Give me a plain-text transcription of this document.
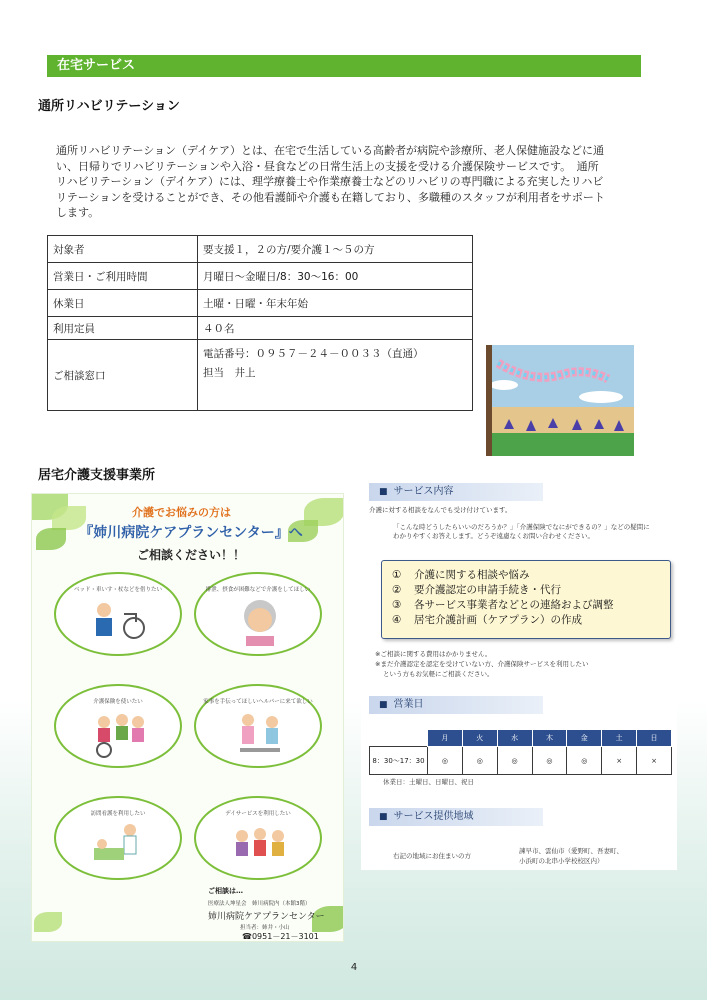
在宅サービス
通所リハビリテーション
通所リハビリテーション（デイケア）とは、在宅で生活している高齢者が病院や診療所、老人保健施設などに通
い、日帰りでリハビリテーションや入浴・昼食などの日常生活上の支援を受ける介護保険サービスです。　通所
リハビリテーション（デイケア）には、理学療養士や作業療養士などのリハビリの専門職による充実したリハビ
リテーションを受けることができ、その他看護師や介護も在籍しており、多職種のスタッフが利用者をサポート
します。
対象者	要支援１，２の方/要介護１～５の方
営業日・ご利用時間	月曜日～金曜日/8：30～16：00
休業日	土曜・日曜・年末年始
利用定員	４０名
ご相談窓口	電話番号：０９５７－２４－００３３（直通）
担当　井上
居宅介護支援事業所
介護でお悩みの方は
『姉川病院ケアプランセンター』へ
ご相談ください！！
ベッド・車いす・杖などを借りたい	排泄、摂食が困難などで介護をしてほしい
介護保険を使いたい	家事を手伝ってほしいヘルパーに来て欲しい
訪問看護を利用したい	デイサービスを利用したい
ご相談は…
医療法人坤星会　姉川病院内（本館3階）
姉川病院ケアプランセンター
担当者：姉井・小山
☎0951－21－3101
■ サービス内容
介護に対する相談をなんでも受け付けています。
「こんな時どうしたらいいのだろうか？」「介護保険でなにができるの？」などの疑問に
わかりやすくお答えします。どうぞ遠慮なくお問い合わせください。
① 介護に関する相談や悩み
② 要介護認定の申請手続き・代行
③ 各サービス事業者などとの連絡および調整
④ 居宅介護計画（ケアプラン）の作成
※ご相談に関する費用はかかりません。
※まだ介護認定を認定を受けていない方、介護保険サービスを利用したい
という方もお気軽にご相談ください。
■ 営業日
	月	火	水	木	金	土	日
8：30～17：30	◎	◎	◎	◎	◎	×	×
休業日：土曜日、日曜日、祝日
■ サービス提供地域
右記の地域にお住まいの方
諫早市、雲仙市（愛野町、吾妻町、
小浜町の北串小学校校区内）
4
